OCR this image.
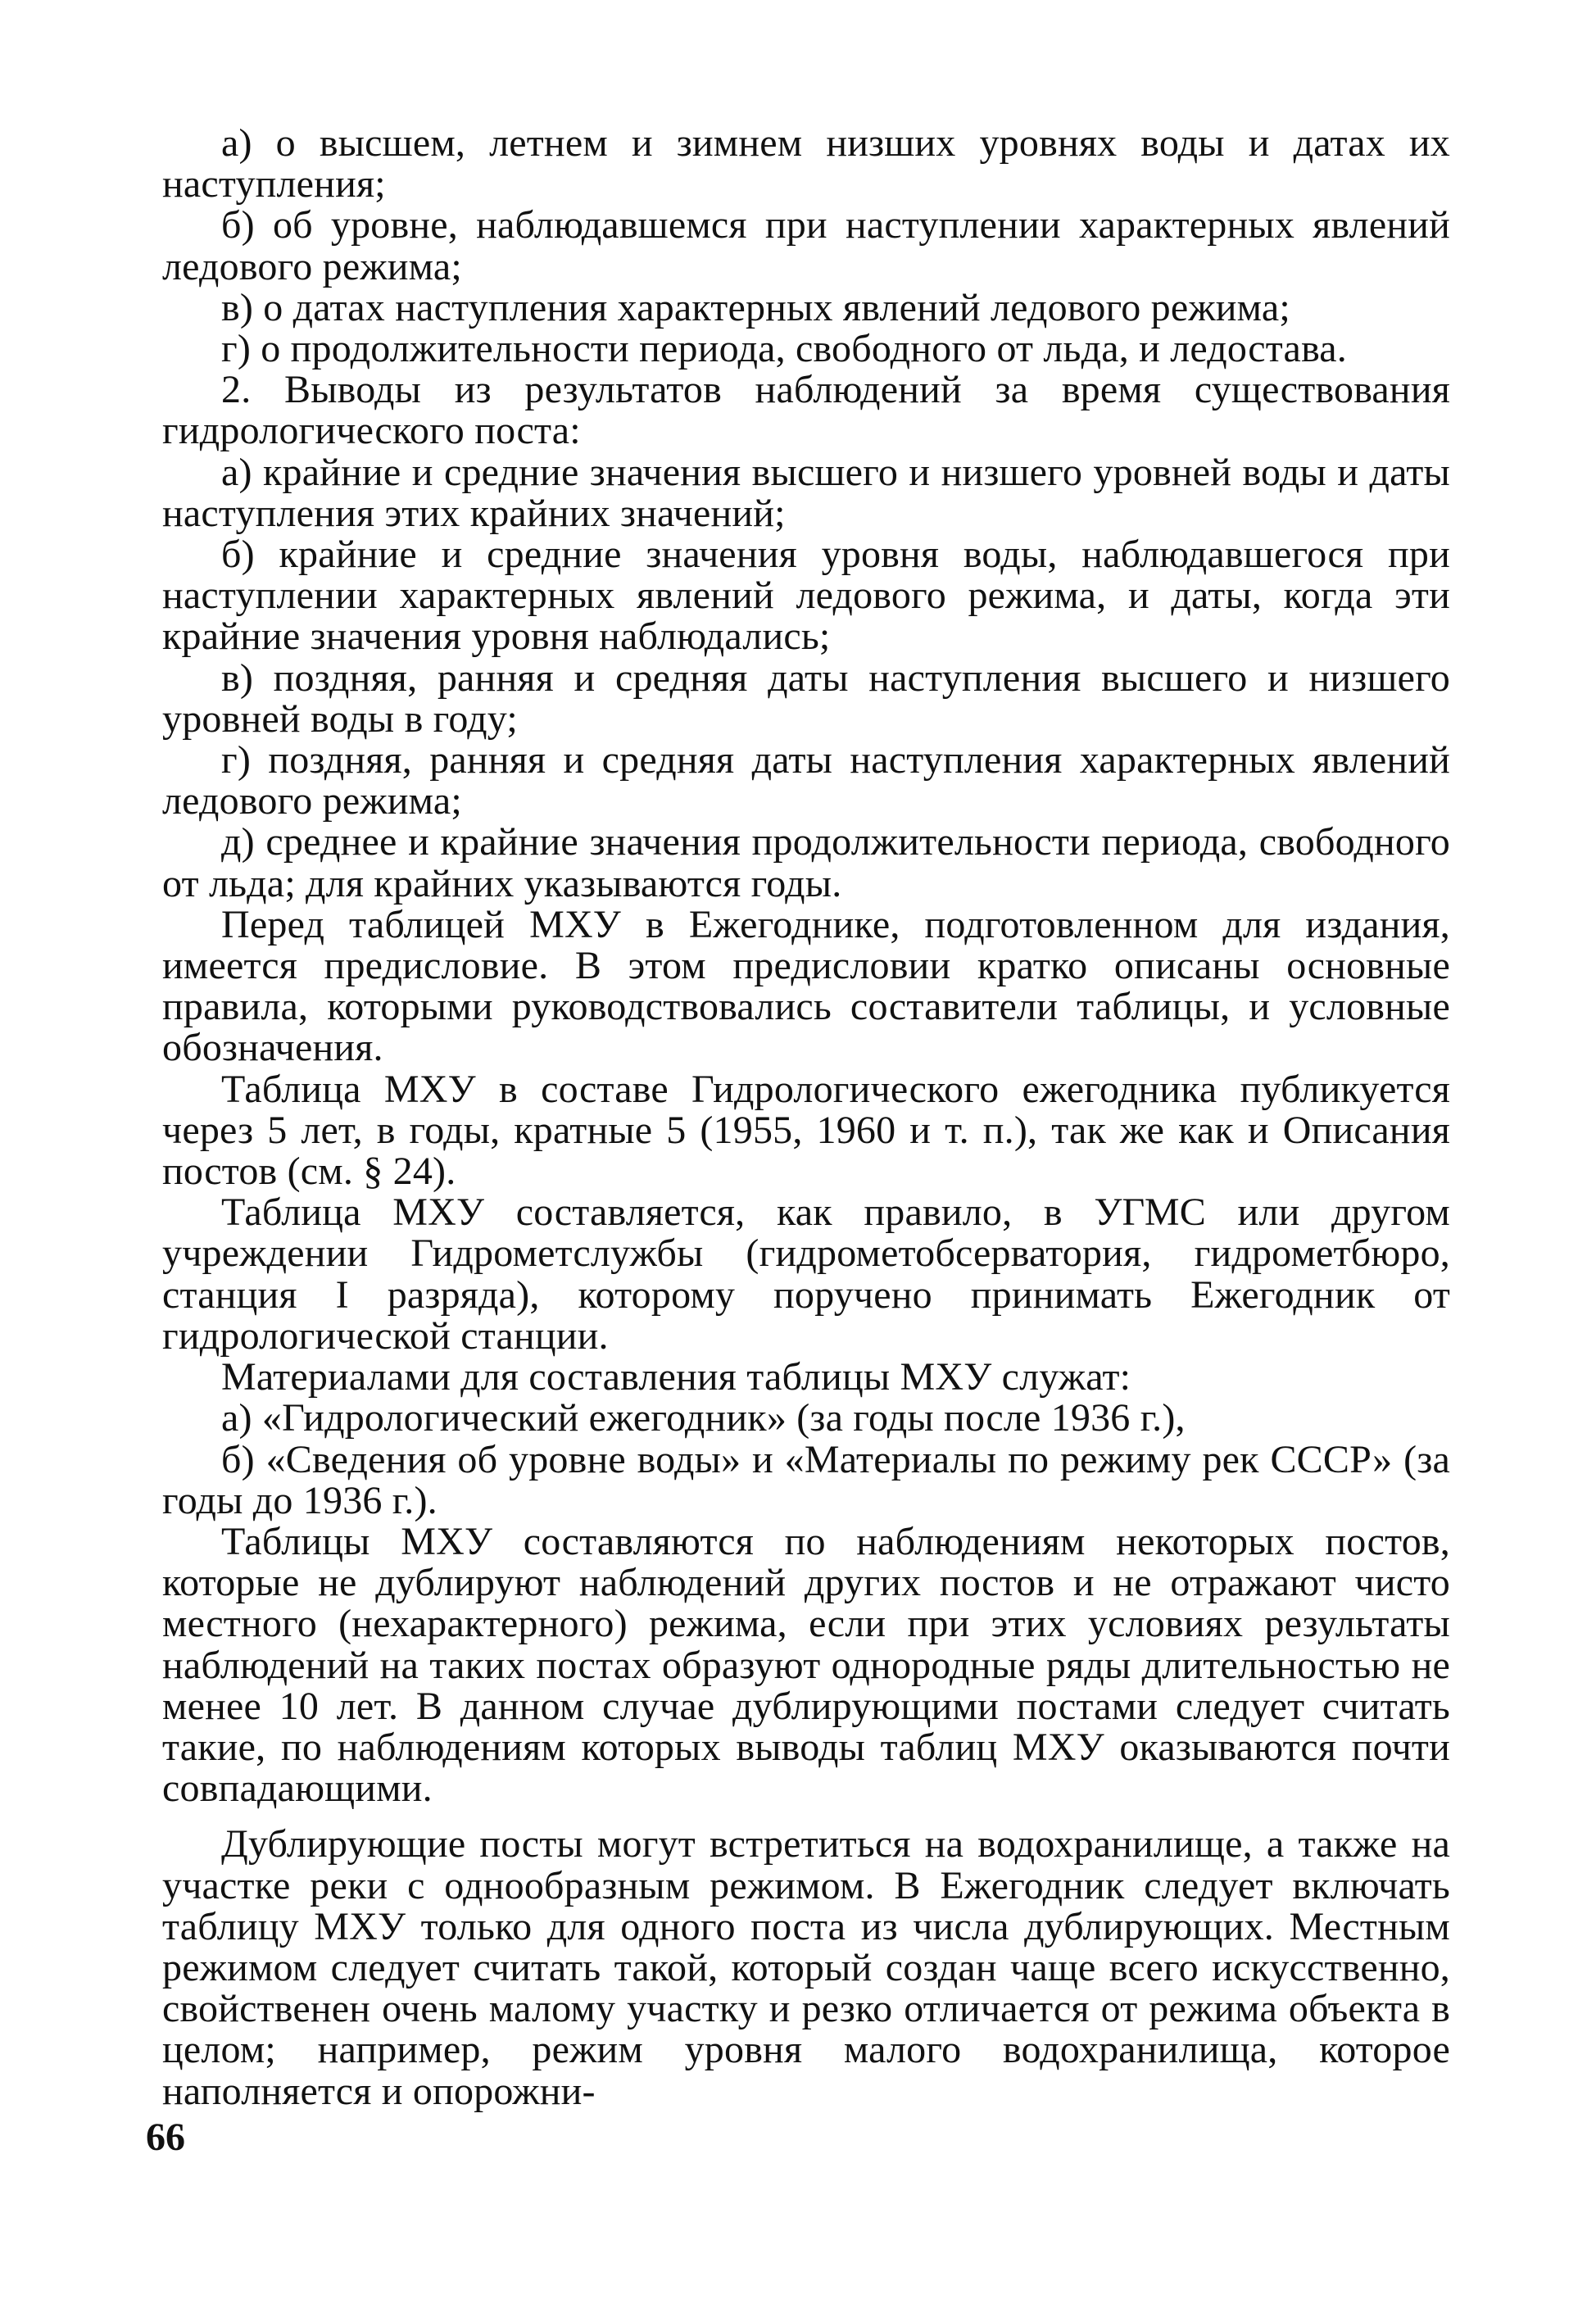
а) о высшем, летнем и зимнем низших уровнях воды и датах их наступления;

б) об уровне, наблюдавшемся при наступлении характерных явлений ледового режима;

в) о датах наступления характерных явлений ледового режима;

г) о продолжительности периода, свободного от льда, и ледостава.

2. Выводы из результатов наблюдений за время существования гидрологического поста:

а) крайние и средние значения высшего и низшего уровней воды и даты наступления этих крайних значений;

б) крайние и средние значения уровня воды, наблюдавшегося при наступлении характерных явлений ледового режима, и даты, когда эти крайние значения уровня наблюдались;

в) поздняя, ранняя и средняя даты наступления высшего и низшего уровней воды в году;

г) поздняя, ранняя и средняя даты наступления характерных явлений ледового режима;

д) среднее и крайние значения продолжительности периода, свободного от льда; для крайних указываются годы.

Перед таблицей МХУ в Ежегоднике, подготовленном для издания, имеется предисловие. В этом предисловии кратко описаны основные правила, которыми руководствовались составители таблицы, и условные обозначения.

Таблица МХУ в составе Гидрологического ежегодника публикуется через 5 лет, в годы, кратные 5 (1955, 1960 и т. п.), так же как и Описания постов (см. § 24).

Таблица МХУ составляется, как правило, в УГМС или другом учреждении Гидрометслужбы (гидрометобсерватория, гидрометбюро, станция I разряда), которому поручено принимать Ежегодник от гидрологической станции.

Материалами для составления таблицы МХУ служат:

а) «Гидрологический ежегодник» (за годы после 1936 г.),

б) «Сведения об уровне воды» и «Материалы по режиму рек СССР» (за годы до 1936 г.).

Таблицы МХУ составляются по наблюдениям некоторых постов, которые не дублируют наблюдений других постов и не отражают чисто местного (нехарактерного) режима, если при этих условиях результаты наблюдений на таких постах образуют однородные ряды длительностью не менее 10 лет. В данном случае дублирующими постами следует считать такие, по наблюдениям которых выводы таблиц МХУ оказываются почти совпадающими.

Дублирующие посты могут встретиться на водохранилище, а также на участке реки с однообразным режимом. В Ежегодник следует включать таблицу МХУ только для одного поста из числа дублирующих. Местным режимом следует считать такой, который создан чаще всего искусственно, свойственен очень малому участку и резко отличается от режима объекта в целом; например, режим уровня малого водохранилища, которое наполняется и опорожни-

66
